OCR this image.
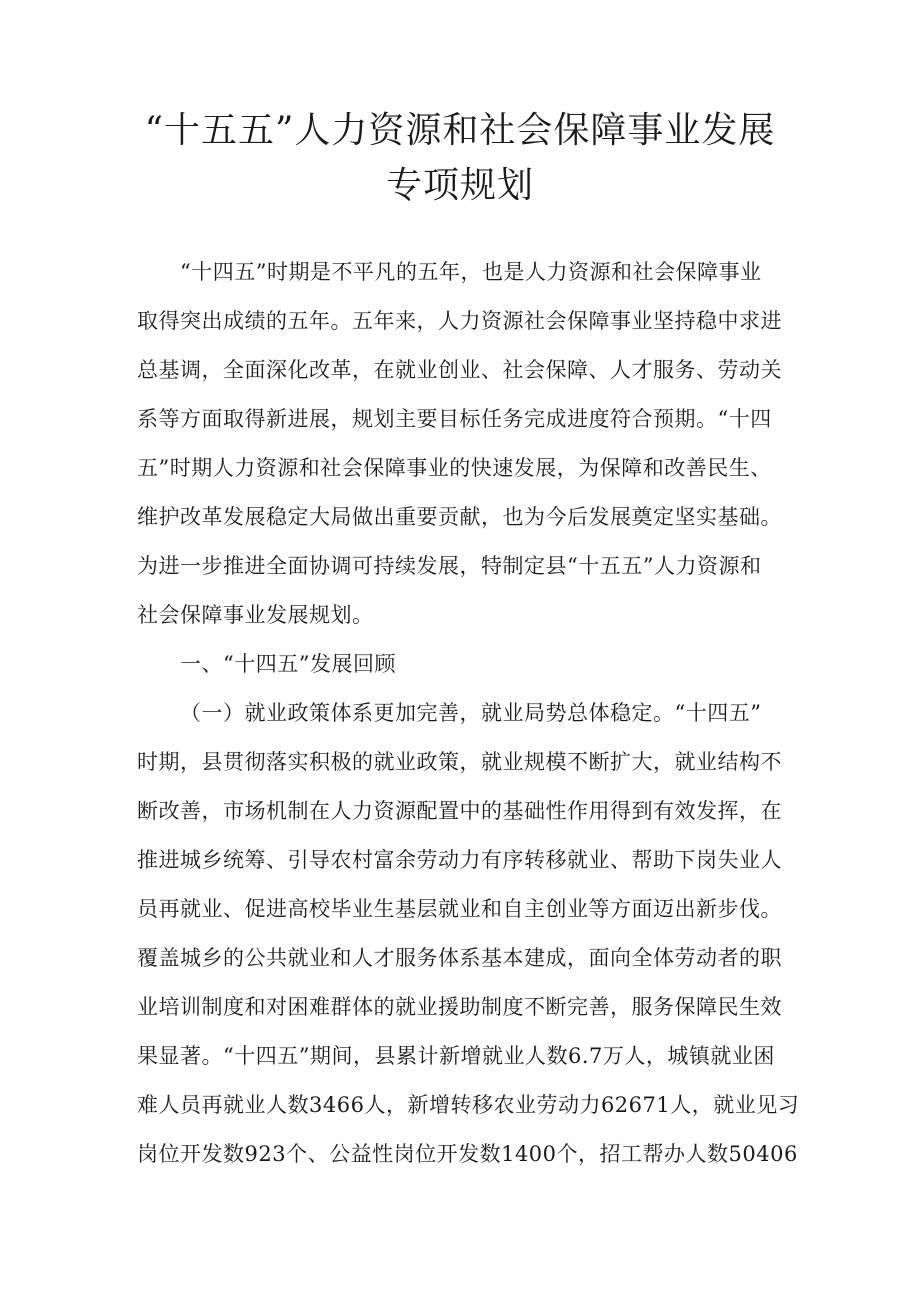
“十五五”人力资源和社会保障事业发展
专项规划
“十四五”时期是不平凡的五年，也是人力资源和社会保障事业
取得突出成绩的五年。五年来，人力资源社会保障事业坚持稳中求进
总基调，全面深化改革，在就业创业、社会保障、人才服务、劳动关
系等方面取得新进展，规划主要目标任务完成进度符合预期。“十四
五”时期人力资源和社会保障事业的快速发展，为保障和改善民生、
维护改革发展稳定大局做出重要贡献，也为今后发展奠定坚实基础。
为进一步推进全面协调可持续发展，特制定县“十五五”人力资源和
社会保障事业发展规划。
一、“十四五”发展回顾
（一）就业政策体系更加完善，就业局势总体稳定。“十四五”
时期，县贯彻落实积极的就业政策，就业规模不断扩大，就业结构不
断改善，市场机制在人力资源配置中的基础性作用得到有效发挥，在
推进城乡统筹、引导农村富余劳动力有序转移就业、帮助下岗失业人
员再就业、促进高校毕业生基层就业和自主创业等方面迈出新步伐。
覆盖城乡的公共就业和人才服务体系基本建成，面向全体劳动者的职
业培训制度和对困难群体的就业援助制度不断完善，服务保障民生效
果显著。“十四五”期间，县累计新增就业人数6.7万人，城镇就业困
难人员再就业人数3466人，新增转移农业劳动力62671人，就业见习
岗位开发数923个、公益性岗位开发数1400个，招工帮办人数50406
